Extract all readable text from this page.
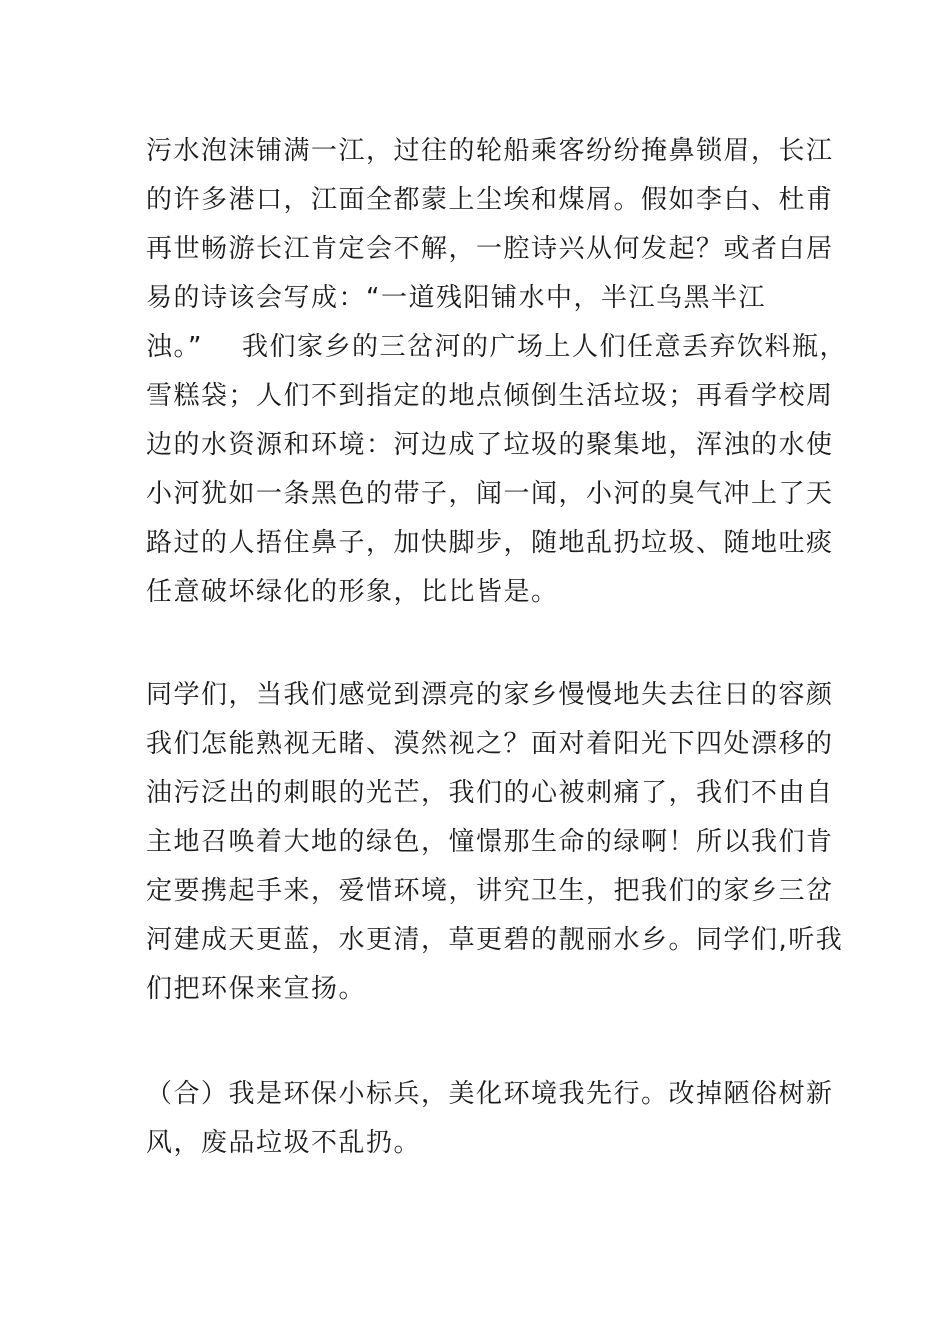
污水泡沫铺满一江，过往的轮船乘客纷纷掩鼻锁眉，长江
的许多港口，江面全都蒙上尘埃和煤屑。假如李白、杜甫
再世畅游长江肯定会不解，一腔诗兴从何发起？或者白居
易的诗该会写成：“一道残阳铺水中，半江乌黑半江
浊。”    我们家乡的三岔河的广场上人们任意丢弃饮料瓶，
雪糕袋；人们不到指定的地点倾倒生活垃圾；再看学校周
边的水资源和环境：河边成了垃圾的聚集地，浑浊的水使
小河犹如一条黑色的带子，闻一闻，小河的臭气冲上了天
路过的人捂住鼻子，加快脚步，随地乱扔垃圾、随地吐痰
任意破坏绿化的形象，比比皆是。
同学们，当我们感觉到漂亮的家乡慢慢地失去往日的容颜
我们怎能熟视无睹、漠然视之？面对着阳光下四处漂移的
油污泛出的刺眼的光芒，我们的心被刺痛了，我们不由自
主地召唤着大地的绿色，憧憬那生命的绿啊！所以我们肯
定要携起手来，爱惜环境，讲究卫生，把我们的家乡三岔
河建成天更蓝，水更清，草更碧的靓丽水乡。同学们,听我
们把环保来宣扬。
（合）我是环保小标兵，美化环境我先行。改掉陋俗树新
风，废品垃圾不乱扔。
